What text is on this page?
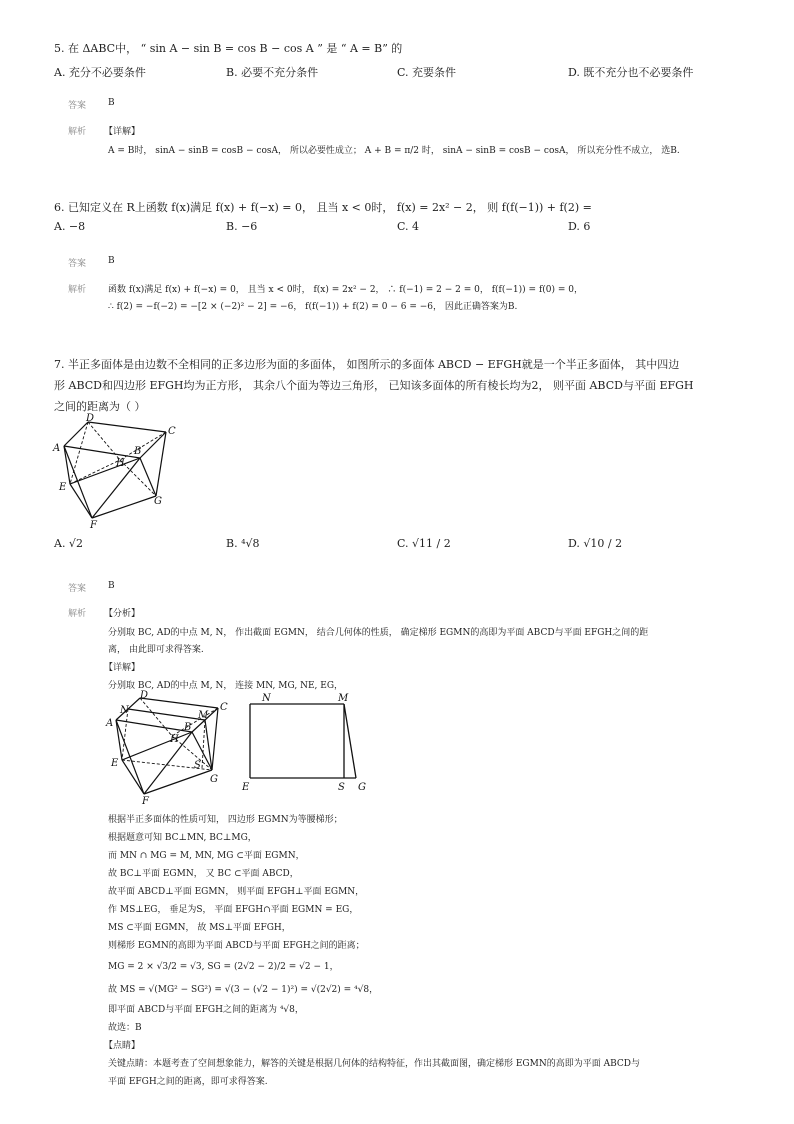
5. 在 ΔABC中， “ sin A − sin B = cos B − cos A ” 是 “ A = B” 的
A. 充分不必要条件	B. 必要不充分条件	C. 充要条件	D. 既不充分也不必要条件
答案 B
解析 【详解】
A = B时， sinA − sinB = cosB − cosA， 所以必要性成立； A + B = π/2 时， sinA − sinB = cosB − cosA， 所以充分性不成立， 选B.
6. 已知定义在 R上函数 f(x)满足 f(x) + f(−x) = 0， 且当 x < 0时， f(x) = 2x² − 2， 则 f(f(−1)) + f(2) =
A. −8	B. −6	C. 4	D. 6
答案 B
解析 函数 f(x)满足 f(x) + f(−x) = 0， 且当 x < 0时， f(x) = 2x² − 2， ∴ f(−1) = 2 − 2 = 0， f(f(−1)) = f(0) = 0，
∴ f(2) = −f(−2) = −[2 × (−2)² − 2] = −6， f(f(−1)) + f(2) = 0 − 6 = −6， 因此正确答案为B.
7. 半正多面体是由边数不全相同的正多边形为面的多面体， 如图所示的多面体 ABCD − EFGH就是一个半正多面体， 其中四边
形 ABCD和四边形 EFGH均为正方形， 其余八个面为等边三角形， 已知该多面体的所有棱长均为2， 则平面 ABCD与平面 EFGH
之间的距离为（ ）
D
C
A	B
H
E
G
F
A. √2	B. ⁴√8	C. √11 / 2	D. √10 / 2
答案 B
解析 【分析】
分别取 BC, AD的中点 M, N， 作出截面 EGMN， 结合几何体的性质， 确定梯形 EGMN的高即为平面 ABCD与平面 EFGH之间的距
离， 由此即可求得答案.
【详解】
分别取 BC, AD的中点 M, N， 连接 MN, MG, NE, EG，
D
N	M
C
A	B
H
E	S
G
F
N	M
E	S G
根据半正多面体的性质可知， 四边形 EGMN为等腰梯形；
根据题意可知 BC⊥MN, BC⊥MG，
而 MN ∩ MG = M, MN, MG ⊂平面 EGMN，
故 BC⊥平面 EGMN， 又 BC ⊂平面 ABCD，
故平面 ABCD⊥平面 EGMN， 则平面 EFGH⊥平面 EGMN，
作 MS⊥EG， 垂足为S， 平面 EFGH∩平面 EGMN = EG，
MS ⊂平面 EGMN， 故 MS⊥平面 EFGH，
则梯形 EGMN的高即为平面 ABCD与平面 EFGH之间的距离；
MG = 2 × √3/2 = √3, SG = (2√2 − 2)/2 = √2 − 1，
故 MS = √(MG² − SG²) = √(3 − (√2 − 1)²) = √(2√2) = ⁴√8，
即平面 ABCD与平面 EFGH之间的距离为 ⁴√8，
故选：B
【点睛】
关键点睛：本题考查了空间想象能力，解答的关键是根据几何体的结构特征，作出其截面图，确定梯形 EGMN的高即为平面 ABCD与
平面 EFGH之间的距离，即可求得答案.
